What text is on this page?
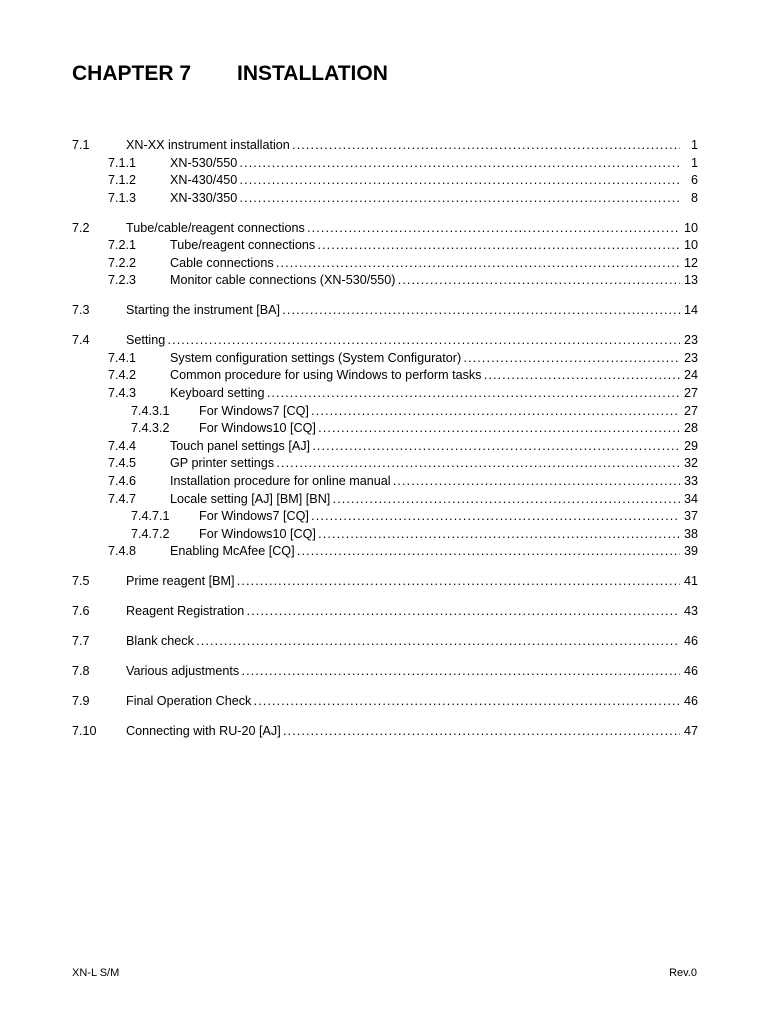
CHAPTER 7	INSTALLATION
7.1	XN-XX instrument installation . . .	1
7.1.1	XN-530/550 . . .	1
7.1.2	XN-430/450 . . .	6
7.1.3	XN-330/350 . . .	8
7.2	Tube/cable/reagent connections . . .	10
7.2.1	Tube/reagent connections . . .	10
7.2.2	Cable connections . . .	12
7.2.3	Monitor cable connections (XN-530/550) . . .	13
7.3	Starting the instrument [BA] . . .	14
7.4	Setting . . .	23
7.4.1	System configuration settings (System Configurator) . . .	23
7.4.2	Common procedure for using Windows to perform tasks . . .	24
7.4.3	Keyboard setting . . .	27
7.4.3.1 For Windows7 [CQ] . . .	27
7.4.3.2 For Windows10 [CQ] . . .	28
7.4.4	Touch panel settings [AJ] . . .	29
7.4.5	GP printer settings . . .	32
7.4.6	Installation procedure for online manual . . .	33
7.4.7	Locale setting [AJ] [BM] [BN] . . .	34
7.4.7.1 For Windows7 [CQ] . . .	37
7.4.7.2 For Windows10 [CQ] . . .	38
7.4.8	Enabling McAfee [CQ] . . .	39
7.5	Prime reagent [BM] . . .	41
7.6	Reagent Registration . . .	43
7.7	Blank check . . .	46
7.8	Various adjustments . . .	46
7.9	Final Operation Check . . .	46
7.10 Connecting with RU-20 [AJ] . . .	47
XN-L S/M	Rev.0
